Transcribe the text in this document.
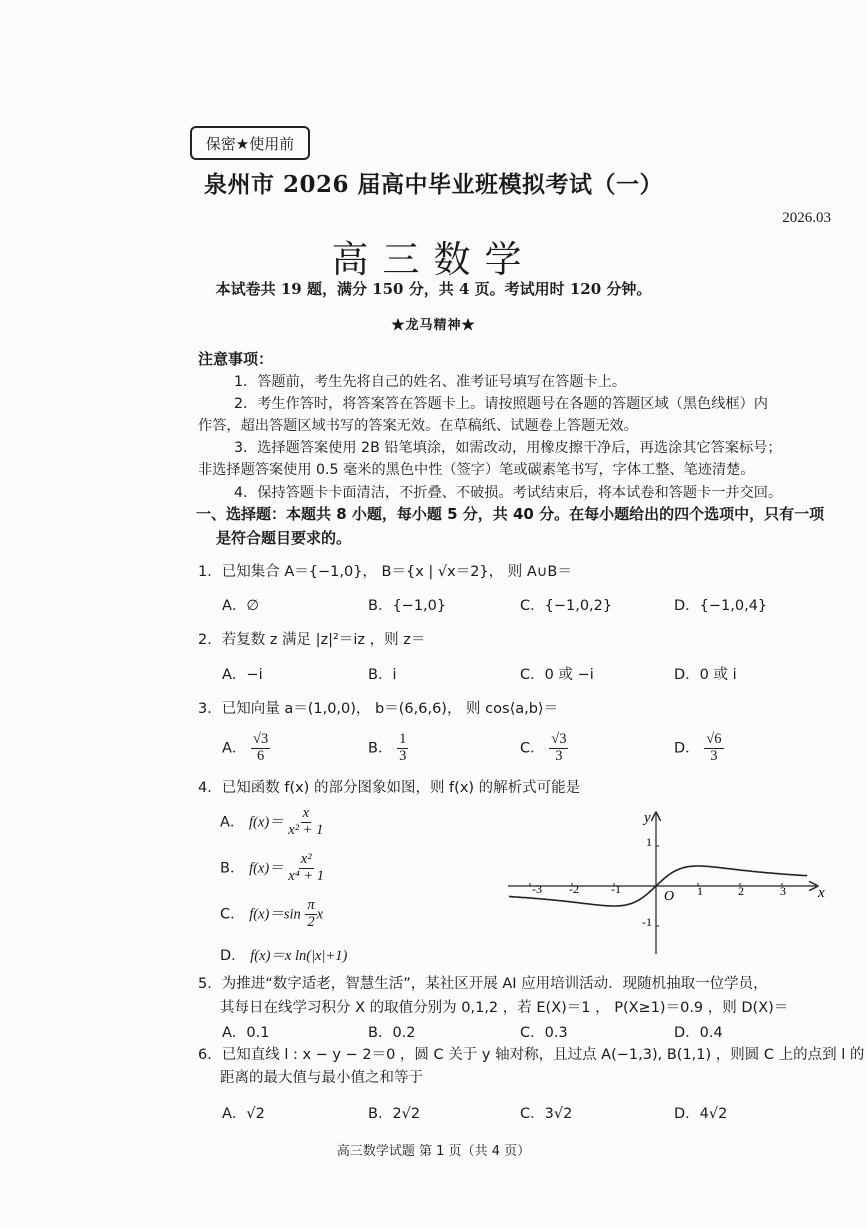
保密★使用前
泉州市 2026 届高中毕业班模拟考试（一）
2026.03
高三数学
本试卷共 19 题，满分 150 分，共 4 页。考试用时 120 分钟。
★龙马精神★
注意事项：
1．答题前，考生先将自己的姓名、准考证号填写在答题卡上。
2．考生作答时，将答案答在答题卡上。请按照题号在各题的答题区域（黑色线框）内
作答，超出答题区域书写的答案无效。在草稿纸、试题卷上答题无效。
3．选择题答案使用 2B 铅笔填涂，如需改动，用橡皮擦干净后，再选涂其它答案标号；
非选择题答案使用 0.5 毫米的黑色中性（签字）笔或碳素笔书写，字体工整、笔迹清楚。
4．保持答题卡卡面清洁，不折叠、不破损。考试结束后，将本试卷和答题卡一并交回。
一、选择题：本题共 8 小题，每小题 5 分，共 40 分。在每小题给出的四个选项中，只有一项
是符合题目要求的。
1．已知集合 A＝{−1,0}， B＝{x | √x＝2}， 则 A∪B＝
A．∅	B．{−1,0}	C．{−1,0,2}	D．{−1,0,4}
2．若复数 z 满足 |z|²＝iz ，则 z＝
A．−i	B．i	C．0 或 −i	D．0 或 i
3．已知向量 a＝(1,0,0)， b＝(6,6,6)， 则 cos⟨a,b⟩＝
A． $\frac{√3}{6}$	B． $\frac{1}{3}$	C． $\frac{√3}{3}$	D． $\frac{√6}{3}$
4．已知函数 f(x) 的部分图象如图，则 f(x) 的解析式可能是
A． $f(x)= \frac{x}{\text{x² + 1}}$
B． $f(x)= \frac{\text{x²}}{\text{x⁴ + 1}}$
C． $f(x)=\sin \frac{\pi}{2}$ x
D． f(x)＝x ln(|x|+1)
x
y
O
-3 -2	-1	1	2	3
1
-1
5．为推进“数字适老，智慧生活”，某社区开展 AI 应用培训活动．现随机抽取一位学员，
其每日在线学习积分 X 的取值分别为 0,1,2 ，若 E(X)＝1 ， P(X≥1)＝0.9 ，则 D(X)＝
A．0.1	B．0.2	C．0.3	D．0.4
6．已知直线 l : x − y − 2＝0 ，圆 C 关于 y 轴对称，且过点 A(−1,3), B(1,1) ，则圆 C 上的点到 l 的
距离的最大值与最小值之和等于
A．√2	B．2√2	C．3√2	D．4√2
高三数学试题 第 1 页（共 4 页）
